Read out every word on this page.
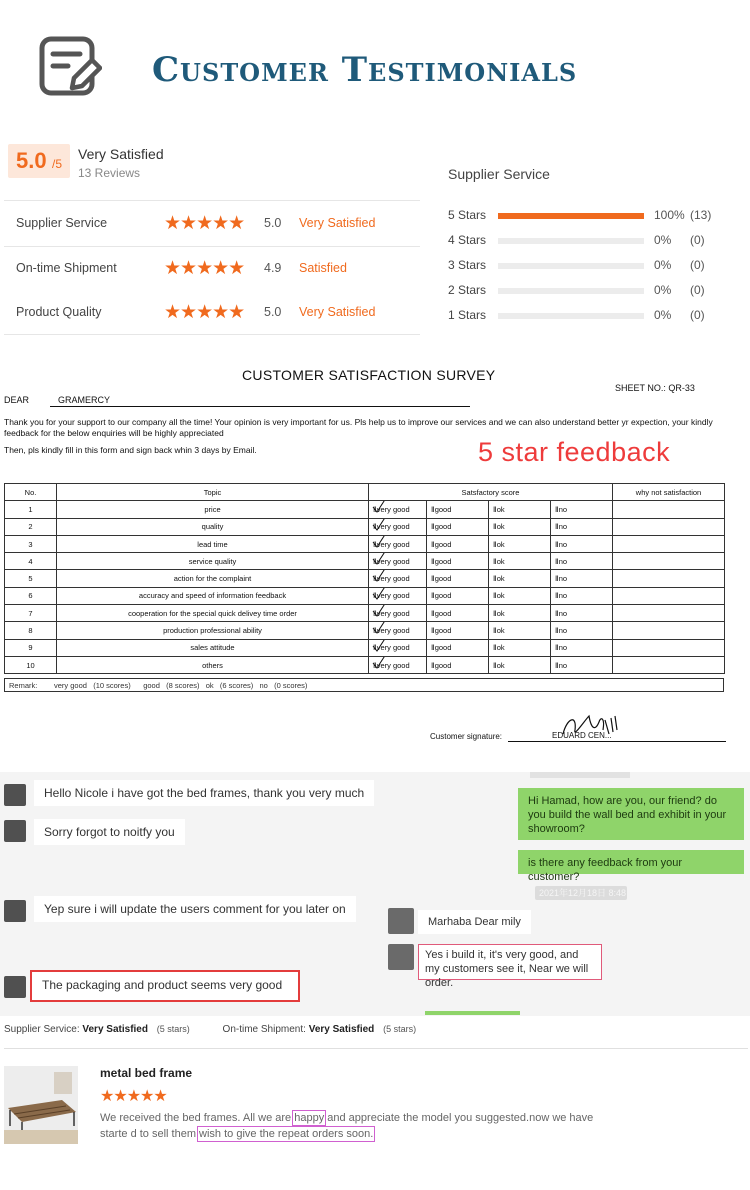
Customer Testimonials
5.0 /5
Very Satisfied
13 Reviews
Supplier Service	★★★★★ 5.0 Very Satisfied
On-time Shipment ★★★★★ 4.9 Satisfied
Product Quality	★★★★★ 5.0 Very Satisfied
Supplier Service
5 Stars	100% (13)
4 Stars	0% (0)
3 Stars	0% (0)
2 Stars	0% (0)
1 Stars	0% (0)
CUSTOMER SATISFACTION SURVEY
SHEET NO.: QR-33
DEAR	GRAMERCY
Thank you for your support to our company all the time! Your opinion is very important for us. Pls help us to improve our services and we can also understand better yr expection, your kindly feedback for the below enquiries will be highly appreciated
Then, pls kindly fill in this form and sign back whin 3 days by Email.	5 star feedback
No.	Topic	Satsfactory score				why not satisfaction
1	price	Ⅱvery good	Ⅱgood	Ⅱok	Ⅱno	
2	quality	Ⅱvery good	Ⅱgood	Ⅱok	Ⅱno	
3	lead time	Ⅱvery good	Ⅱgood	Ⅱok	Ⅱno	
4	service quality	Ⅱvery good	Ⅱgood	Ⅱok	Ⅱno	
5	action for the complaint	Ⅱvery good	Ⅱgood	Ⅱok	Ⅱno	
6	accuracy and speed of information feedback	Ⅱvery good	Ⅱgood	Ⅱok	Ⅱno	
7	cooperation for the special quick delivey time order	Ⅱvery good	Ⅱgood	Ⅱok	Ⅱno	
8	production professional ability	Ⅱvery good	Ⅱgood	Ⅱok	Ⅱno	
9	sales attitude	Ⅱvery good	Ⅱgood	Ⅱok	Ⅱno	
10	others	Ⅱvery good	Ⅱgood	Ⅱok	Ⅱno	
Remark:        very good   (10 scores)      good   (8 scores)   ok   (6 scores)   no   (0 scores)
Customer signature:	EDUARD CEN...
Hello Nicole i have got the bed frames, thank you very much
Sorry forgot to noitfy you
Hi Hamad, how are you, our friend? do you build the wall bed and exhibit in your showroom?
is there any feedback from your customer?
2021年12月18日 8:48
Yep sure i will update the users comment for you later on
Marhaba Dear mily
Yes i build it, it's very good, and my customers see it, Near we will order.
The packaging and product seems very good
Supplier Service: Very Satisfied (5 stars)	On-time Shipment: Very Satisfied (5 stars)
metal bed frame
★★★★★
We received the bed frames. All we are happy and appreciate the model you suggested.now we have starte d to sell them wish to give the repeat orders soon.
